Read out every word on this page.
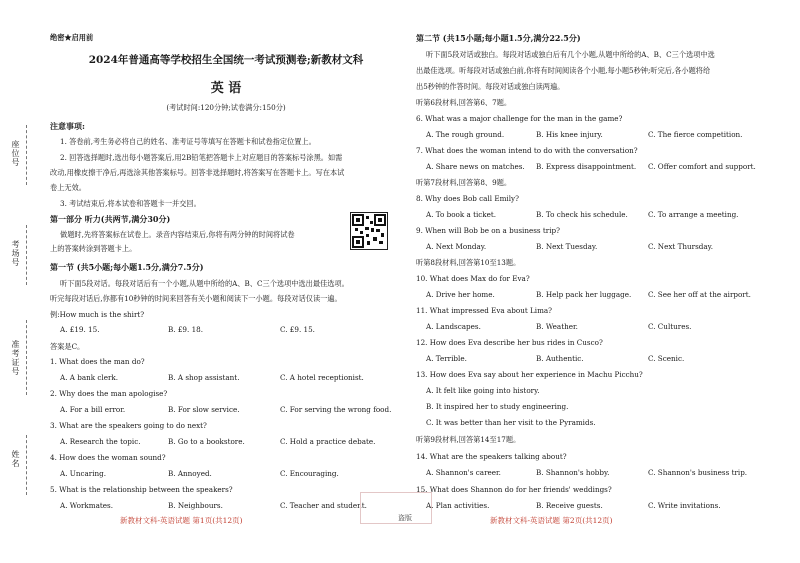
座位号
考场号
准考证号
姓名
绝密★启用前
2024年普通高等学校招生全国统一考试预测卷;新教材文科
英 语
(考试时间:120分钟;试卷满分:150分)
注意事项:
1. 答卷前,考生务必将自己的姓名、准考证号等填写在答题卡和试卷指定位置上。
2. 回答选择题时,选出每小题答案后,用2B铅笔把答题卡上对应题目的答案标号涂黑。如需
改动,用橡皮擦干净后,再选涂其他答案标号。回答非选择题时,将答案写在答题卡上。写在本试
卷上无效。
3. 考试结束后,将本试卷和答题卡一并交回。
第一部分 听力(共两节,满分30分)
做题时,先将答案标在试卷上。录音内容结束后,你将有两分钟的时间将试卷
上的答案转涂到答题卡上。
第一节 (共5小题;每小题1.5分,满分7.5分)
听下面5段对话。每段对话后有一个小题,从题中所给的A、B、C三个选项中选出最佳选项。
听完每段对话后,你都有10秒钟的时间来回答有关小题和阅读下一小题。每段对话仅读一遍。
例:How much is the shirt?
A. £19. 15.	B. £9. 18.	C. £9. 15.
答案是C。
1. What does the man do?
A. A bank clerk.	B. A shop assistant.	C. A hotel receptionist.
2. Why does the man apologise?
A. For a bill error.	B. For slow service.	C. For serving the wrong food.
3. What are the speakers going to do next?
A. Research the topic.	B. Go to a bookstore.	C. Hold a practice debate.
4. How does the woman sound?
A. Uncaring.	B. Annoyed.	C. Encouraging.
5. What is the relationship between the speakers?
A. Workmates.	B. Neighbours.	C. Teacher and student.
新教材文科-英语试题 第1页(共12页)	盗版
第二节 (共15小题;每小题1.5分,满分22.5分)
听下面5段对话或独白。每段对话或独白后有几个小题,从题中所给的A、B、C三个选项中选
出最佳选项。听每段对话或独白前,你将有时间阅读各个小题,每小题5秒钟;听完后,各小题将给
出5秒钟的作答时间。每段对话或独白读两遍。
听第6段材料,回答第6、7题。
6. What was a major challenge for the man in the game?
A. The rough ground.	B. His knee injury.	C. The fierce competition.
7. What does the woman intend to do with the conversation?
A. Share news on matches. B. Express disappointment. C. Offer comfort and support.
听第7段材料,回答第8、9题。
8. Why does Bob call Emily?
A. To book a ticket.	B. To check his schedule.	C. To arrange a meeting.
9. When will Bob be on a business trip?
A. Next Monday.	B. Next Tuesday.	C. Next Thursday.
听第8段材料,回答第10至13题。
10. What does Max do for Eva?
A. Drive her home.	B. Help pack her luggage. C. See her off at the airport.
11. What impressed Eva about Lima?
A. Landscapes.	B. Weather.	C. Cultures.
12. How does Eva describe her bus rides in Cusco?
A. Terrible.	B. Authentic.	C. Scenic.
13. How does Eva say about her experience in Machu Picchu?
A. It felt like going into history.
B. It inspired her to study engineering.
C. It was better than her visit to the Pyramids.
听第9段材料,回答第14至17题。
14. What are the speakers talking about?
A. Shannon's career.	B. Shannon's hobby.	C. Shannon's business trip.
15. What does Shannon do for her friends' weddings?
A. Plan activities.	B. Receive guests.	C. Write invitations.
新教材文科-英语试题 第2页(共12页)
